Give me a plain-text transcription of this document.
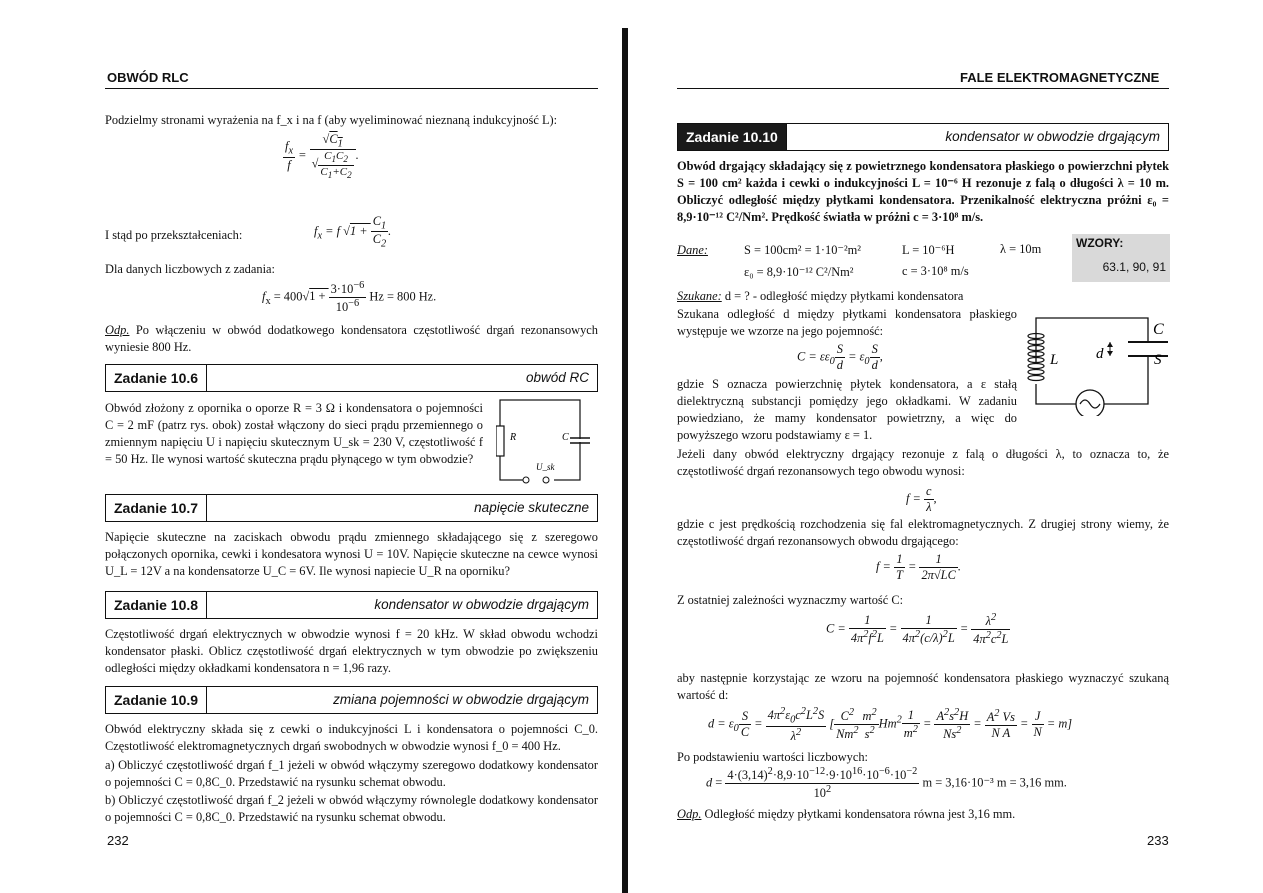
OBWÓD RLC
Podzielmy stronami wyrażenia na f_x i na f (aby wyeliminować nieznaną indukcyjność L):
$\frac{f_x}{f} = \frac{√C_1}{√ \frac{C_1C_2}{C_1+C_2}}$ .
I stąd po przekształceniach:	$f_x = f$ $√1 + \frac{C_1}{C_2}$ .
Dla danych liczbowych z zadania:
$f_x = 400√1 + \frac{3\cdot 10^{-6}}{10^{-6}}$ Hz = 800 Hz.
Odp. Po włączeniu w obwód dodatkowego kondensatora częstotliwość drgań rezonansowych wyniesie 800 Hz.
Zadanie 10.6	obwód RC
Obwód złożony z opornika o oporze R = 3 Ω i kondensatora o pojemności C = 2 mF (patrz rys. obok) został włączony do sieci prądu przemiennego o zmiennym napięciu U i napięciu skutecznym U_sk = 230 V, częstotliwość f = 50 Hz. Ile wynosi wartość skuteczna prądu płynącego w tym obwodzie?
R	C
U_sk
Zadanie 10.7	napięcie skuteczne
Napięcie skuteczne na zaciskach obwodu prądu zmiennego składającego się z szeregowo połączonych opornika, cewki i kondesatora wynosi U = 10V. Napięcie skuteczne na cewce wynosi U_L = 12V a na kondensatorze U_C = 6V. Ile wynosi napiecie U_R na oporniku?
Zadanie 10.8	kondensator w obwodzie drgającym
Częstotliwość drgań elektrycznych w obwodzie wynosi f = 20 kHz. W skład obwodu wchodzi kondensator płaski. Oblicz częstotliwość drgań elektrycznych w tym obwodzie po zwiększeniu odległości między okładkami kondensatora n = 1,96 razy.
Zadanie 10.9	zmiana pojemności w obwodzie drgającym
Obwód elektryczny składa się z cewki o indukcyjności L i kondensatora o pojemności C_0. Częstotliwość elektromagnetycznych drgań swobodnych w obwodzie wynosi f_0 = 400 Hz.
a) Obliczyć częstotliwość drgań f_1 jeżeli w obwód włączymy szeregowo dodatkowy kondensator o pojemności C = 0,8C_0. Przedstawić na rysunku schemat obwodu.
b) Obliczyć częstotliwość drgań f_2 jeżeli w obwód włączymy równolegle dodatkowy kondensator o pojemności C = 0,8C_0. Przedstawić na rysunku schemat obwodu.
232
FALE ELEKTROMAGNETYCZNE
Zadanie 10.10	kondensator w obwodzie drgającym
Obwód drgający składający się z powietrznego kondensatora płaskiego o powierzchni płytek S = 100 cm² każda i cewki o indukcyjności L = 10⁻⁶ H rezonuje z falą o długości λ = 10 m. Obliczyć odległość między płytkami kondensatora. Przenikalność elektryczna próżni ε₀ = 8,9·10⁻¹² C²/Nm². Prędkość światła w próżni c = 3·10⁸ m/s.
Dane:	S = 100cm² = 1·10⁻²m²	L = 10⁻⁶H	λ = 10m
ε₀ = 8,9·10⁻¹² C²/Nm²	c = 3·10⁸ m/s
WZORY:
63.1, 90, 91
Szukane: d = ? - odległość między płytkami kondensatora
Szukana odległość d między płytkami kondensatora płaskiego występuje we wzorze na jego pojemność:
$C = \varepsilon\varepsilon_0 \frac{S}{d} = \varepsilon_0 \frac{S}{d}$ ,
C
L	d	S
gdzie S oznacza powierzchnię płytek kondensatora, a ε stałą dielektryczną substancji pomiędzy jego okładkami. W zadaniu powiedziano, że mamy kondensator powietrzny, a więc do powyższego wzoru podstawiamy ε = 1.
Jeżeli dany obwód elektryczny drgający rezonuje z falą o długości λ, to oznacza to, że częstotliwość drgań rezonansowych tego obwodu wynosi:
$f = \frac{c}{\lambda}$ ,
gdzie c jest prędkością rozchodzenia się fal elektromagnetycznych. Z drugiej strony wiemy, że częstotliwość drgań rezonansowych obwodu drgającego:
$f = \frac{1}{T} = \frac{1}{2\pi√LC}$ .
Z ostatniej zależności wyznaczmy wartość C:
$C = \frac{1}{4\pi^2f^2L} = \frac{1}{4\pi^2(c/\lambda)^2L} = \frac{\lambda^2}{4\pi^2c^2L}$
aby następnie korzystając ze wzoru na pojemność kondensatora płaskiego wyznaczyć szukaną wartość d:
$d = \varepsilon_0 \frac{S}{C} = \frac{4\pi^2\varepsilon_0c^2L^2S}{\lambda^2}$ [ $\frac{C^2}{Nm^2} \frac{m^2}{s^2} Hm^2 \frac{1}{m^2} = \frac{A^2s^2H}{Ns^2} = \frac{A^2 Vs}{\text{N A}} = \frac{J}{N} = m$]
Po podstawieniu wartości liczbowych:
$d = \frac{4\cdot(3,14)^2\cdot 8,9\cdot 10^{-12}\cdot 9\cdot 10^{16}\cdot 10^{-6}\cdot 10^{-2}}{10^2}$ m = 3,16·10⁻³ m = 3,16 mm.
Odp. Odległość między płytkami kondensatora równa jest 3,16 mm.
233
